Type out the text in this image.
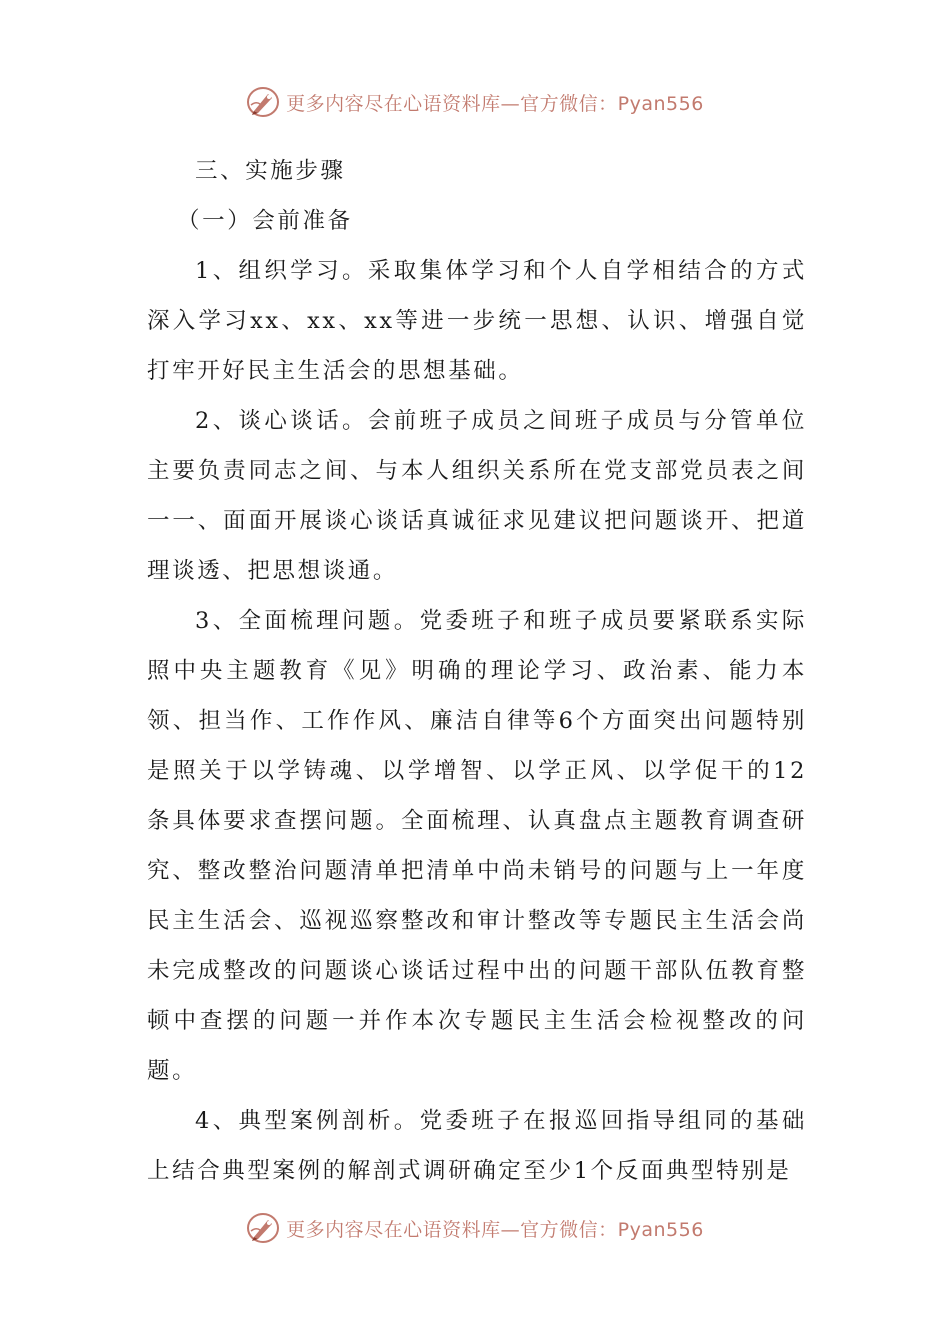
更多内容尽在心语资料库—官方微信：Pyan556

三、实施步骤

（一）会前准备

1、组织学习。采取集体学习和个人自学相结合的方式深入学习xx、xx、xx等进一步统一思想、认识、增强自觉打牢开好民主生活会的思想基础。

2、谈心谈话。会前班子成员之间班子成员与分管单位主要负责同志之间、与本人组织关系所在党支部党员表之间一一、面面开展谈心谈话真诚征求见建议把问题谈开、把道理谈透、把思想谈通。

3、全面梳理问题。党委班子和班子成员要紧联系实际照中央主题教育《见》明确的理论学习、政治素、能力本领、担当作、工作作风、廉洁自律等6个方面突出问题特别是照关于以学铸魂、以学增智、以学正风、以学促干的12条具体要求查摆问题。全面梳理、认真盘点主题教育调查研究、整改整治问题清单把清单中尚未销号的问题与上一年度民主生活会、巡视巡察整改和审计整改等专题民主生活会尚未完成整改的问题谈心谈话过程中出的问题干部队伍教育整顿中查摆的问题一并作本次专题民主生活会检视整改的问题。

4、典型案例剖析。党委班子在报巡回指导组同的基础上结合典型案例的解剖式调研确定至少1个反面典型特别是

更多内容尽在心语资料库—官方微信：Pyan556
